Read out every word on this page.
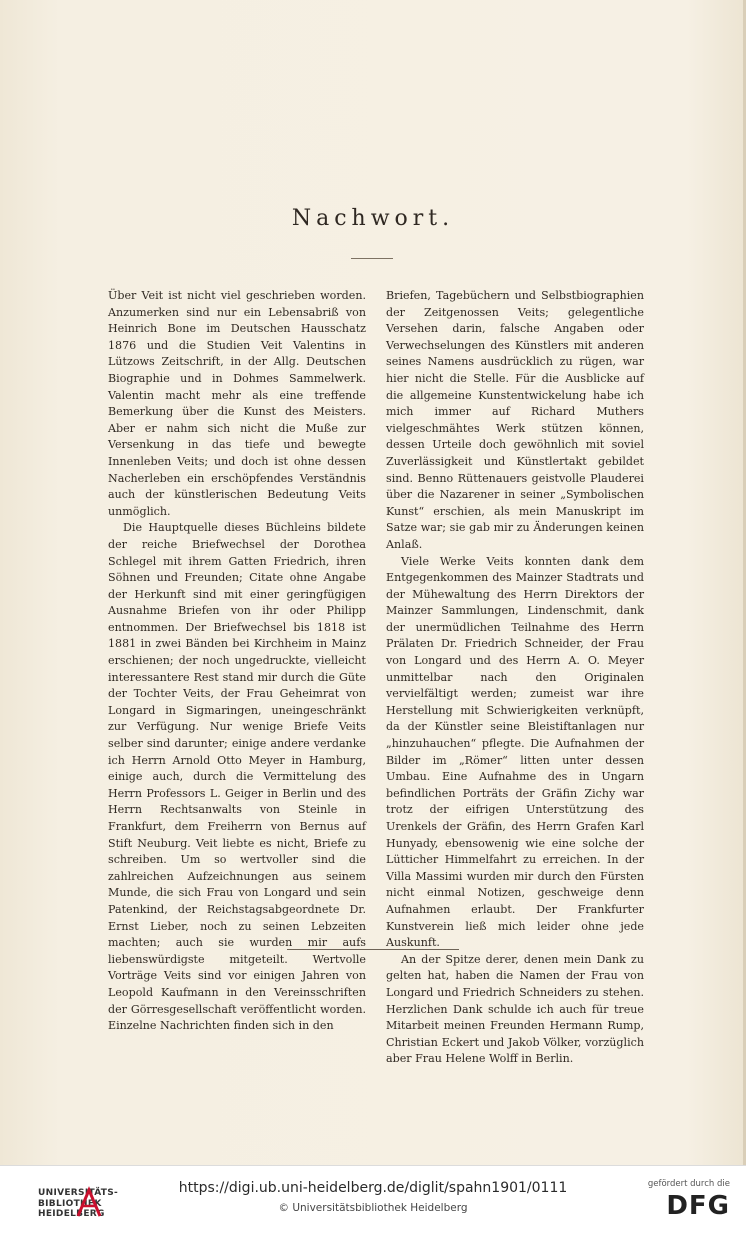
Nachwort.

Über Veit ist nicht viel geschrieben worden. Anzumerken sind nur ein Lebensabriß von Heinrich Bone im Deutschen Hausschatz 1876 und die Studien Veit Valentins in Lützows Zeitschrift, in der Allg. Deutschen Biographie und in Dohmes Sammelwerk. Valentin macht mehr als eine treffende Bemerkung über die Kunst des Meisters. Aber er nahm sich nicht die Muße zur Versenkung in das tiefe und bewegte Innenleben Veits; und doch ist ohne dessen Nacherleben ein erschöpfendes Verständnis auch der künstlerischen Bedeutung Veits unmöglich.

Die Hauptquelle dieses Büchleins bildete der reiche Briefwechsel der Dorothea Schlegel mit ihrem Gatten Friedrich, ihren Söhnen und Freunden; Citate ohne Angabe der Herkunft sind mit einer geringfügigen Ausnahme Briefen von ihr oder Philipp entnommen. Der Briefwechsel bis 1818 ist 1881 in zwei Bänden bei Kirchheim in Mainz erschienen; der noch ungedruckte, vielleicht interessantere Rest stand mir durch die Güte der Tochter Veits, der Frau Geheimrat von Longard in Sigmaringen, uneingeschränkt zur Verfügung. Nur wenige Briefe Veits selber sind darunter; einige andere verdanke ich Herrn Arnold Otto Meyer in Hamburg, einige auch, durch die Vermittelung des Herrn Professors L. Geiger in Berlin und des Herrn Rechtsanwalts von Steinle in Frankfurt, dem Freiherrn von Bernus auf Stift Neuburg. Veit liebte es nicht, Briefe zu schreiben. Um so wertvoller sind die zahlreichen Aufzeichnungen aus seinem Munde, die sich Frau von Longard und sein Patenkind, der Reichstagsabgeordnete Dr. Ernst Lieber, noch zu seinen Lebzeiten machten; auch sie wurden mir aufs liebenswürdigste mitgeteilt. Wertvolle Vorträge Veits sind vor einigen Jahren von Leopold Kaufmann in den Vereinsschriften der Görresgesellschaft veröffentlicht worden. Einzelne Nachrichten finden sich in den

Briefen, Tagebüchern und Selbstbiographien der Zeitgenossen Veits; gelegentliche Versehen darin, falsche Angaben oder Verwechselungen des Künstlers mit anderen seines Namens ausdrücklich zu rügen, war hier nicht die Stelle. Für die Ausblicke auf die allgemeine Kunstentwickelung habe ich mich immer auf Richard Muthers vielgeschmähtes Werk stützen können, dessen Urteile doch gewöhnlich mit soviel Zuverlässigkeit und Künstlertakt gebildet sind. Benno Rüttenauers geistvolle Plauderei über die Nazarener in seiner „Symbolischen Kunst“ erschien, als mein Manuskript im Satze war; sie gab mir zu Änderungen keinen Anlaß.

Viele Werke Veits konnten dank dem Entgegenkommen des Mainzer Stadtrats und der Mühewaltung des Herrn Direktors der Mainzer Sammlungen, Lindenschmit, dank der unermüdlichen Teilnahme des Herrn Prälaten Dr. Friedrich Schneider, der Frau von Longard und des Herrn A. O. Meyer unmittelbar nach den Originalen vervielfältigt werden; zumeist war ihre Herstellung mit Schwierigkeiten verknüpft, da der Künstler seine Bleistiftanlagen nur „hinzuhauchen“ pflegte. Die Aufnahmen der Bilder im „Römer“ litten unter dessen Umbau. Eine Aufnahme des in Ungarn befindlichen Porträts der Gräfin Zichy war trotz der eifrigen Unterstützung des Urenkels der Gräfin, des Herrn Grafen Karl Hunyady, ebensowenig wie eine solche der Lütticher Himmelfahrt zu erreichen. In der Villa Massimi wurden mir durch den Fürsten nicht einmal Notizen, geschweige denn Aufnahmen erlaubt. Der Frankfurter Kunstverein ließ mich leider ohne jede Auskunft.

An der Spitze derer, denen mein Dank zu gelten hat, haben die Namen der Frau von Longard und Friedrich Schneiders zu stehen. Herzlichen Dank schulde ich auch für treue Mitarbeit meinen Freunden Hermann Rump, Christian Eckert und Jakob Völker, vorzüglich aber Frau Helene Wolff in Berlin.

UNIVERSITÄTS-
BIBLIOTHEK
HEIDELBERG
https://digi.ub.uni-heidelberg.de/diglit/spahn1901/0111
© Universitätsbibliothek Heidelberg
gefördert durch die
DFG
